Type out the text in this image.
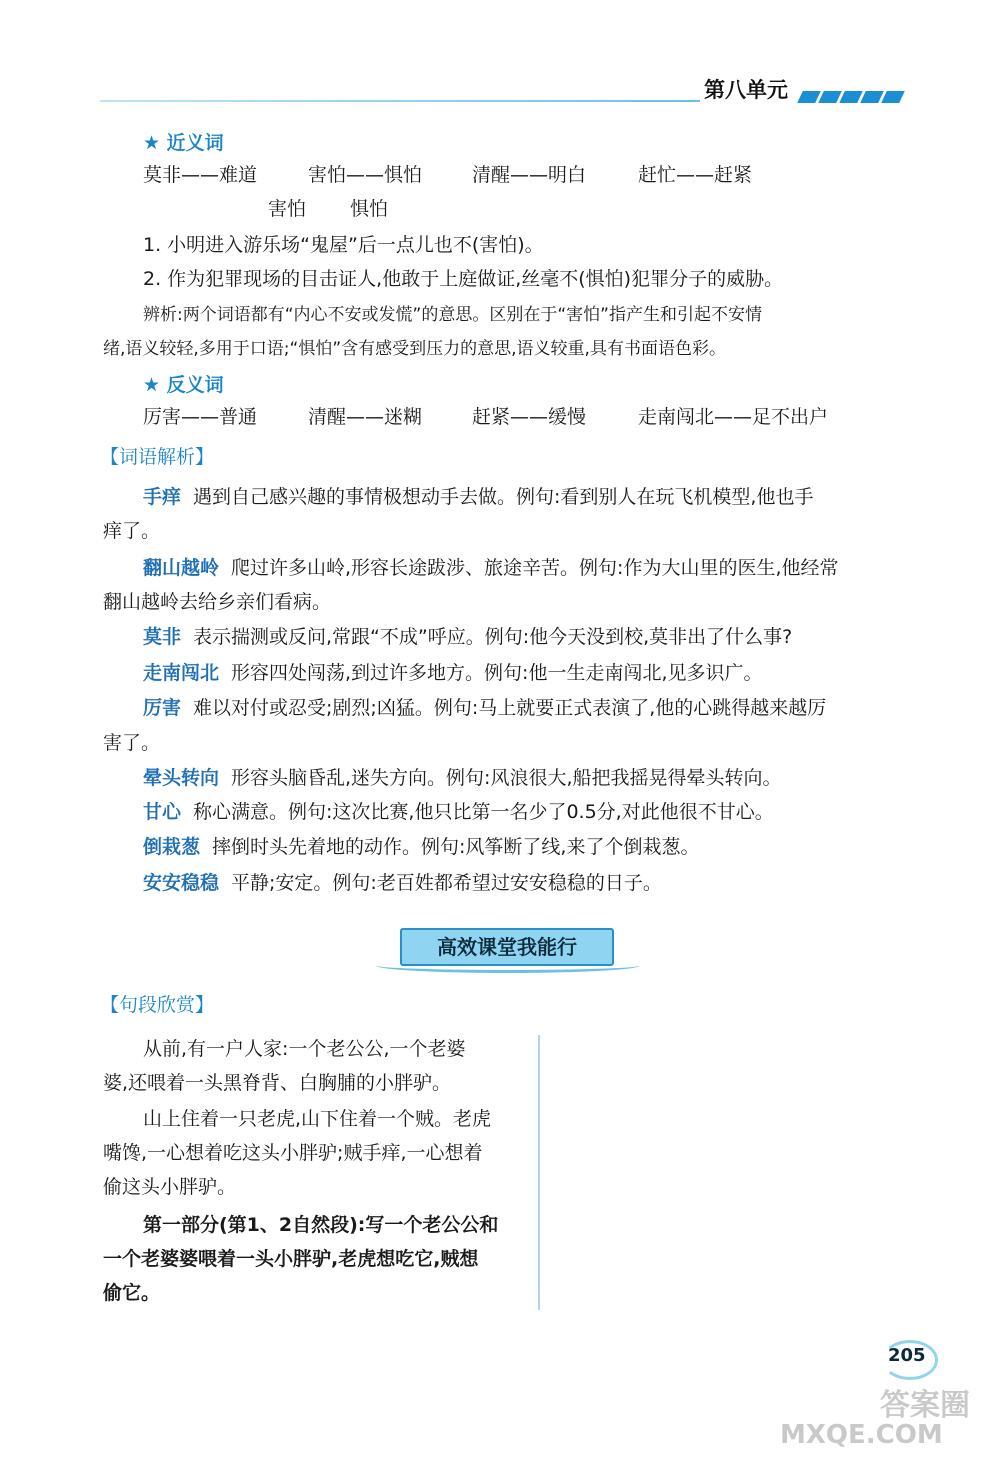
第八单元
★ 近义词
莫非——难道	害怕——惧怕	清醒——明白	赶忙——赶紧
害怕 惧怕
1. 小明进入游乐场“鬼屋”后一点儿也不(害怕)。
2. 作为犯罪现场的目击证人,他敢于上庭做证,丝毫不(惧怕)犯罪分子的威胁。
辨析:两个词语都有“内心不安或发慌”的意思。区别在于“害怕”指产生和引起不安情
绪,语义较轻,多用于口语;“惧怕”含有感受到压力的意思,语义较重,具有书面语色彩。
★ 反义词
厉害——普通	清醒——迷糊	赶紧——缓慢	走南闯北——足不出户
【词语解析】
手痒 遇到自己感兴趣的事情极想动手去做。例句:看到别人在玩飞机模型,他也手
痒了。
翻山越岭 爬过许多山岭,形容长途跋涉、旅途辛苦。例句:作为大山里的医生,他经常
翻山越岭去给乡亲们看病。
莫非 表示揣测或反问,常跟“不成”呼应。例句:他今天没到校,莫非出了什么事?
走南闯北 形容四处闯荡,到过许多地方。例句:他一生走南闯北,见多识广。
厉害 难以对付或忍受;剧烈;凶猛。例句:马上就要正式表演了,他的心跳得越来越厉
害了。
晕头转向 形容头脑昏乱,迷失方向。例句:风浪很大,船把我摇晃得晕头转向。
甘心 称心满意。例句:这次比赛,他只比第一名少了0.5分,对此他很不甘心。
倒栽葱 摔倒时头先着地的动作。例句:风筝断了线,来了个倒栽葱。
安安稳稳 平静;安定。例句:老百姓都希望过安安稳稳的日子。
高效课堂我能行
【句段欣赏】
从前,有一户人家:一个老公公,一个老婆
婆,还喂着一头黑脊背、白胸脯的小胖驴。
山上住着一只老虎,山下住着一个贼。老虎
嘴馋,一心想着吃这头小胖驴;贼手痒,一心想着
偷这头小胖驴。
第一部分(第1、2自然段):写一个老公公和
一个老婆婆喂着一头小胖驴,老虎想吃它,贼想
偷它。
205
答案圈
MXQE.COM
